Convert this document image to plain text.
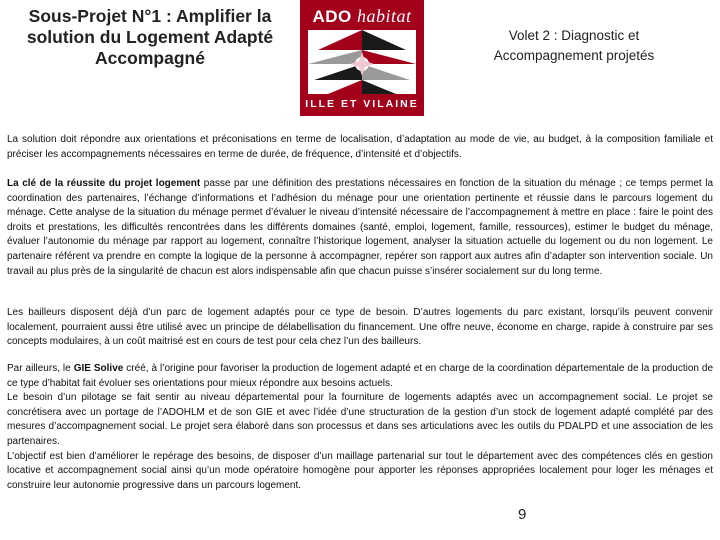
Sous-Projet N°1 : Amplifier la
solution du Logement Adapté
Accompagné
ADO habitat
ILLE ET VILAINE
Volet 2 : Diagnostic et
Accompagnement projetés
La solution doit répondre aux orientations et préconisations en terme de localisation, d’adaptation au mode de vie, au budget, à la composition familiale et préciser les accompagnements nécessaires en terme de durée, de fréquence, d’intensité et d’objectifs.
La clé de la réussite du projet logement passe par une définition des prestations nécessaires en fonction de la situation du ménage ; ce temps permet la coordination des partenaires, l’échange d’informations et l’adhésion du ménage pour une orientation pertinente et réussie dans le parcours logement du ménage. Cette analyse de la situation du ménage permet d’évaluer le niveau d’intensité nécessaire de l’accompagnement à mettre en place : faire le point des droits et prestations, les difficultés rencontrées dans les différents domaines (santé, emploi, logement, famille, ressources), estimer le budget du ménage, évaluer l’autonomie du ménage par rapport au logement, connaître l’historique logement, analyser la situation actuelle du logement ou du non logement. Le partenaire référent va prendre en compte la logique de la personne à accompagner, repérer son rapport aux autres afin d’adapter son intervention sociale. Un travail au plus près de la singularité de chacun est alors indispensable afin que chacun puisse s’insérer socialement sur du long terme.
Les bailleurs disposent déjà d’un parc de logement adaptés pour ce type de besoin. D’autres logements du parc existant, lorsqu’ils peuvent convenir localement, pourraient aussi être utilisé avec un principe de délabellisation du financement. Une offre neuve, économe en charge, rapide à construire par ses concepts modulaires, à un coût maitrisé est en cours de test pour cela chez l’un des bailleurs.
Par ailleurs, le GIE Solive créé, à l’origine pour favoriser la production de logement adapté et en charge de la coordination départementale de la production de ce type d’habitat fait évoluer ses orientations pour mieux répondre aux besoins actuels.
Le besoin d’un pilotage se fait sentir au niveau départemental pour la fourniture de logements adaptés avec un accompagnement social. Le projet se concrétisera avec un portage de l’ADOHLM et de son GIE et avec l’idée d’une structuration de la gestion d’un stock de logement adapté complété par des mesures d’accompagnement social. Le projet sera élaboré dans son processus et dans ses articulations avec les outils du PDALPD et une association de les partenaires.
L’objectif est bien d’améliorer le repérage des besoins, de disposer d’un maillage partenarial sur tout le département avec des compétences clés en gestion locative et accompagnement social ainsi qu’un mode opératoire homogène pour apporter les réponses appropriées localement pour loger les ménages et construire leur autonomie progressive dans un parcours logement.
9
